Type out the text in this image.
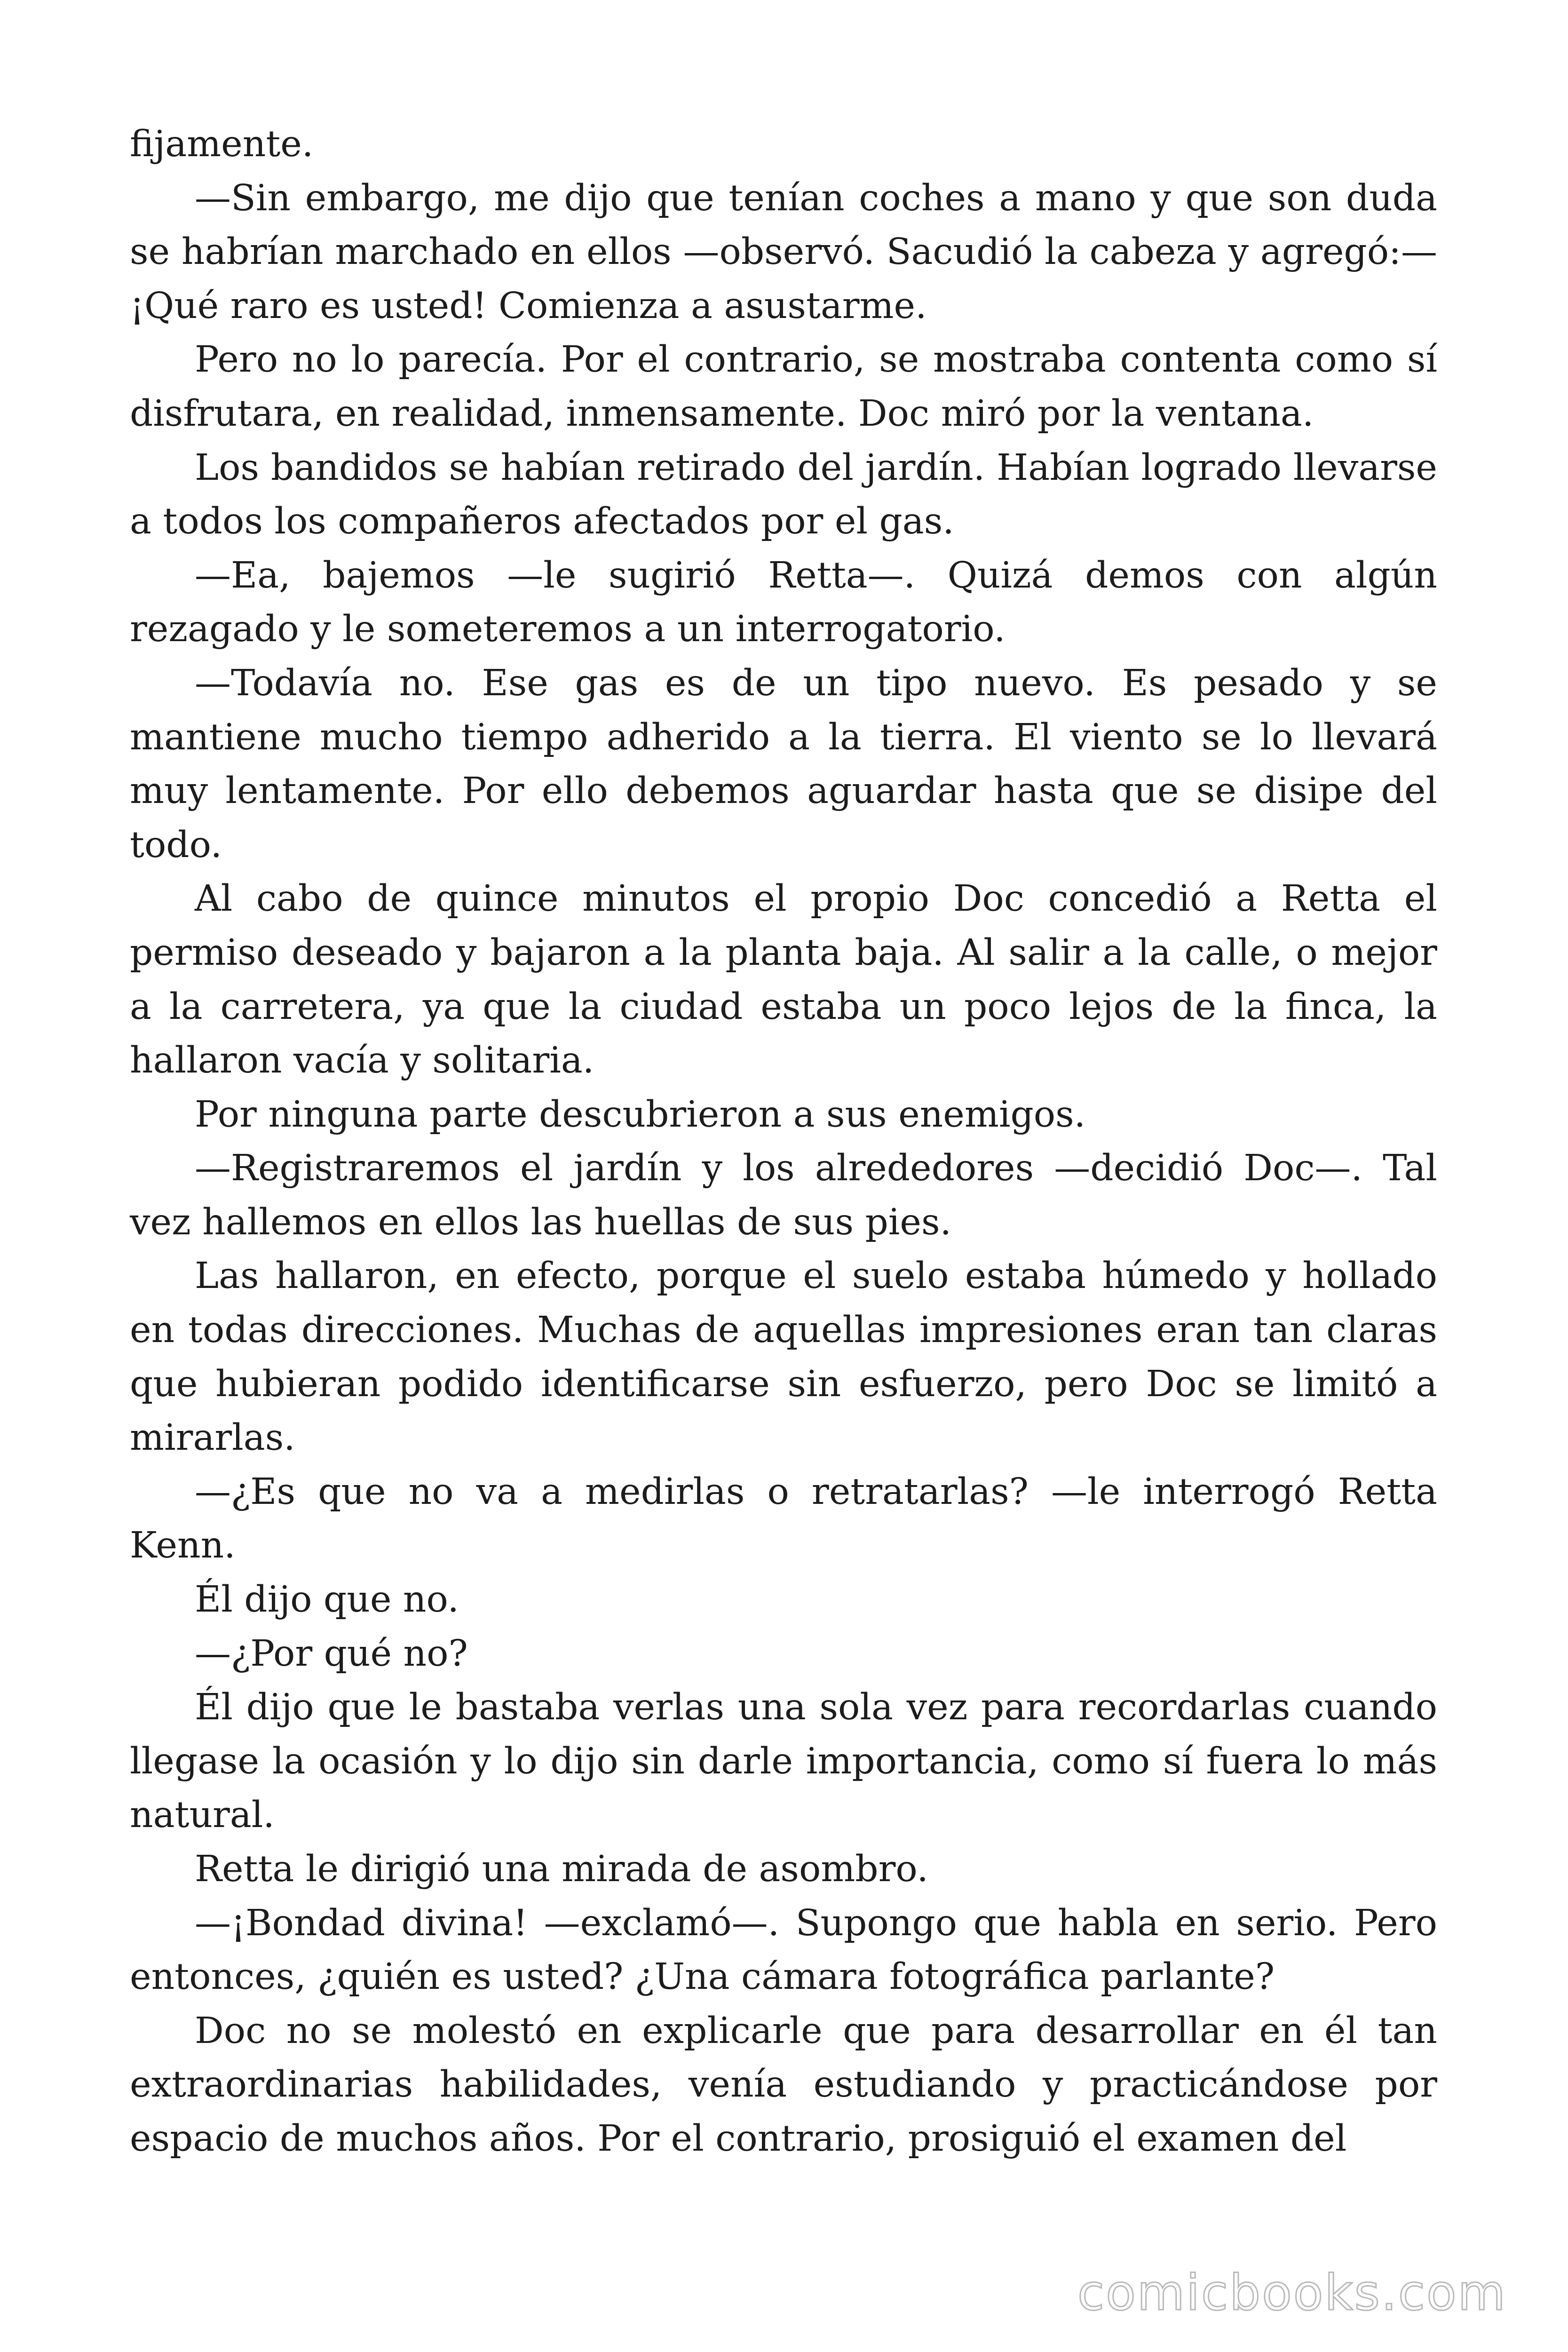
fijamente.

—Sin embargo, me dijo que tenían coches a mano y que son duda se habrían marchado en ellos —observó. Sacudió la cabeza y agregó:— ¡Qué raro es usted! Comienza a asustarme.

Pero no lo parecía. Por el contrario, se mostraba contenta como sí disfrutara, en realidad, inmensamente. Doc miró por la ventana.

Los bandidos se habían retirado del jardín. Habían logrado llevarse a todos los compañeros afectados por el gas.

—Ea, bajemos —le sugirió Retta—. Quizá demos con algún rezagado y le someteremos a un interrogatorio.

—Todavía no. Ese gas es de un tipo nuevo. Es pesado y se mantiene mucho tiempo adherido a la tierra. El viento se lo llevará muy lentamente. Por ello debemos aguardar hasta que se disipe del todo.

Al cabo de quince minutos el propio Doc concedió a Retta el permiso deseado y bajaron a la planta baja. Al salir a la calle, o mejor a la carretera, ya que la ciudad estaba un poco lejos de la finca, la hallaron vacía y solitaria.

Por ninguna parte descubrieron a sus enemigos.

—Registraremos el jardín y los alrededores —decidió Doc—. Tal vez hallemos en ellos las huellas de sus pies.

Las hallaron, en efecto, porque el suelo estaba húmedo y hollado en todas direcciones. Muchas de aquellas impresiones eran tan claras que hubieran podido identificarse sin esfuerzo, pero Doc se limitó a mirarlas.

—¿Es que no va a medirlas o retratarlas? —le interrogó Retta Kenn.

Él dijo que no.

—¿Por qué no?

Él dijo que le bastaba verlas una sola vez para recordarlas cuando llegase la ocasión y lo dijo sin darle importancia, como sí fuera lo más natural.

Retta le dirigió una mirada de asombro.

—¡Bondad divina! —exclamó—. Supongo que habla en serio. Pero entonces, ¿quién es usted? ¿Una cámara fotográfica parlante?

Doc no se molestó en explicarle que para desarrollar en él tan extraordinarias habilidades, venía estudiando y practicándose por espacio de muchos años. Por el contrario, prosiguió el examen del

comicbooks.com
